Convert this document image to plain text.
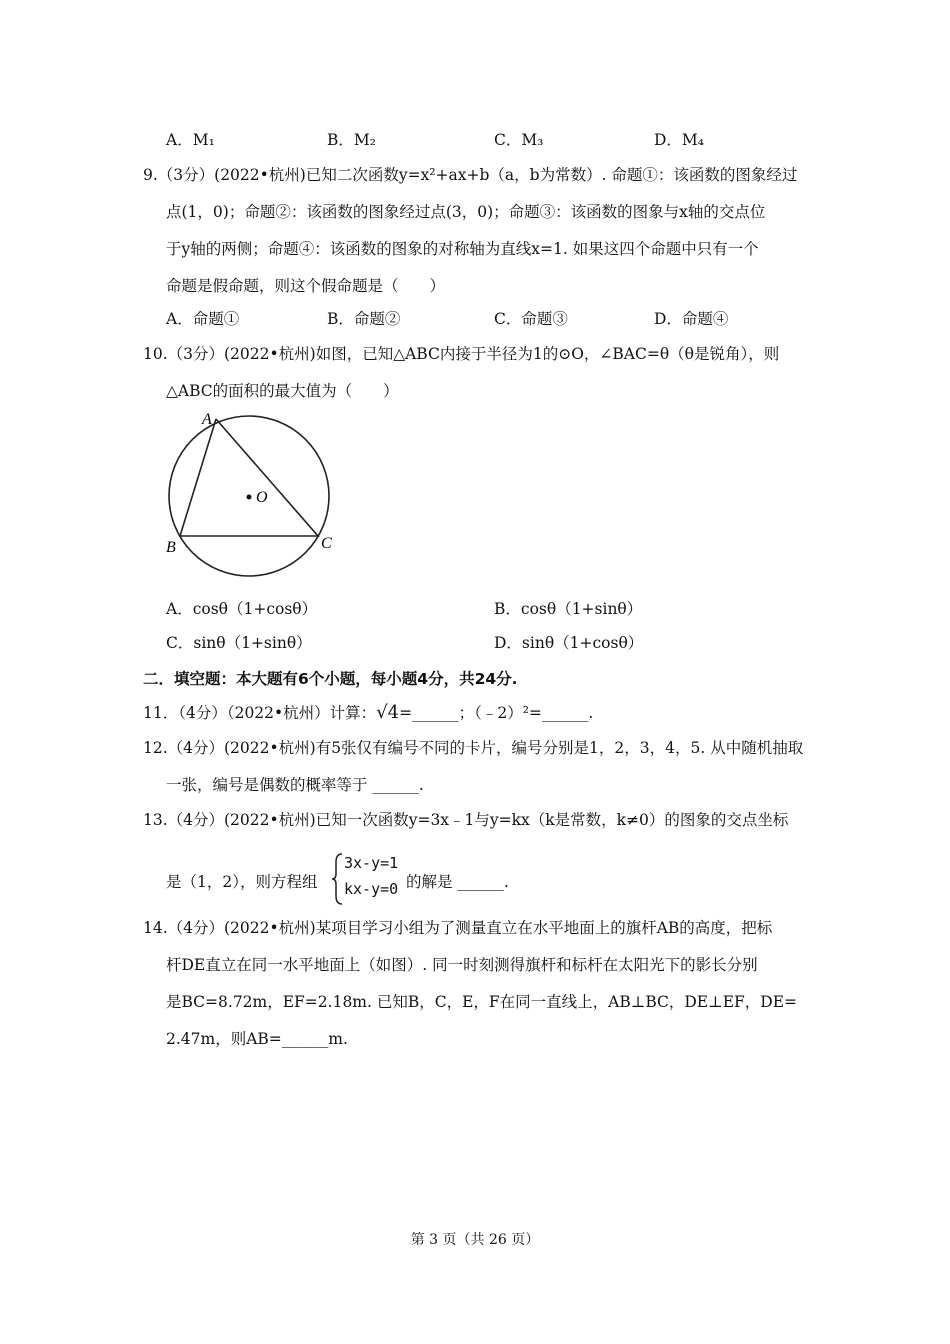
A．M₁	B．M₂	C．M₃	D．M₄
9.（3分）(2022•杭州)已知二次函数y=x²+ax+b（a，b为常数）. 命题①：该函数的图象经过
点(1，0)；命题②：该函数的图象经过点(3，0)；命题③：该函数的图象与x轴的交点位
于y轴的两侧；命题④：该函数的图象的对称轴为直线x=1. 如果这四个命题中只有一个
命题是假命题，则这个假命题是（　　）
A．命题①	B．命题②	C．命题③	D．命题④
10.（3分）(2022•杭州)如图，已知△ABC内接于半径为1的⊙O，∠BAC=θ（θ是锐角），则
△ABC的面积的最大值为（　　）
A
B	C
O
A．cosθ（1+cosθ）	B．cosθ（1+sinθ）
C．sinθ（1+sinθ）	D．sinθ（1+cosθ）
二．填空题：本大题有6个小题，每小题4分，共24分.
11．（4分）（2022•杭州）计算：√4=______；（﹣2）²=______.
12.（4分）(2022•杭州)有5张仅有编号不同的卡片，编号分别是1，2，3，4，5. 从中随机抽取
一张，编号是偶数的概率等于 ______.
13.（4分）(2022•杭州)已知一次函数y=3x﹣1与y=kx（k是常数，k≠0）的图象的交点坐标
是（1，2），则方程组
3x-y=1
kx-y=0 的解是 ______.
14.（4分）(2022•杭州)某项目学习小组为了测量直立在水平地面上的旗杆AB的高度，把标
杆DE直立在同一水平地面上（如图）. 同一时刻测得旗杆和标杆在太阳光下的影长分别
是BC=8.72m，EF=2.18m. 已知B，C，E，F在同一直线上，AB⊥BC，DE⊥EF，DE=
2.47m，则AB=______m.
第 3 页（共 26 页）
